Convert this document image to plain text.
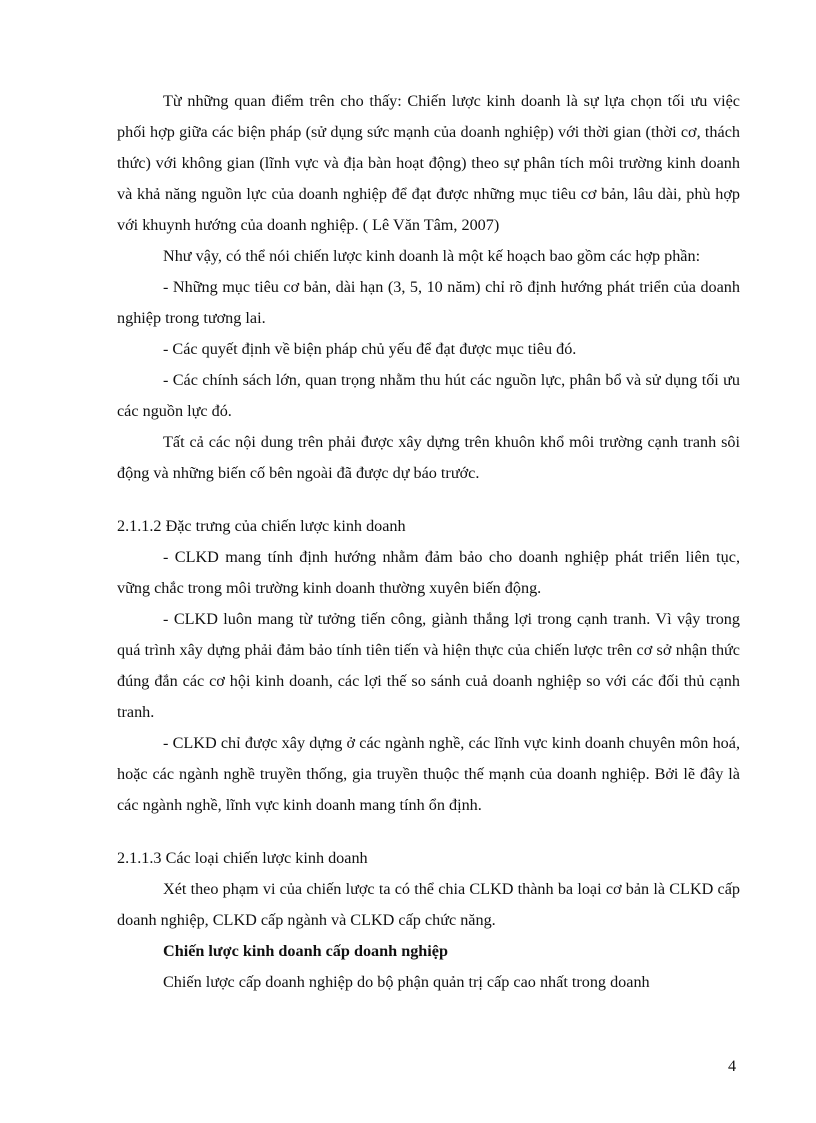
Từ những quan điểm trên cho thấy: Chiến lược kinh doanh là sự lựa chọn tối ưu việc phối hợp giữa các biện pháp (sử dụng sức mạnh của doanh nghiệp) với thời gian (thời cơ, thách thức) với không gian (lĩnh vực và địa bàn hoạt động) theo sự phân tích môi trường kinh doanh và khả năng nguồn lực của doanh nghiệp để đạt được những mục tiêu cơ bản, lâu dài, phù hợp với khuynh hướng của doanh nghiệp. ( Lê Văn Tâm, 2007)

Như vậy, có thể nói chiến lược kinh doanh là một kế hoạch bao gồm các hợp phần:

- Những mục tiêu cơ bản, dài hạn (3, 5, 10 năm) chỉ rõ định hướng phát triển của doanh nghiệp trong tương lai.

- Các quyết định về biện pháp chủ yếu để đạt được mục tiêu đó.

- Các chính sách lớn, quan trọng nhằm thu hút các nguồn lực, phân bổ và sử dụng tối ưu các nguồn lực đó.

Tất cả các nội dung trên phải được xây dựng trên khuôn khổ môi trường cạnh tranh sôi động và những biến cố bên ngoài đã được dự báo trước.

2.1.1.2 Đặc trưng của chiến lược kinh doanh

- CLKD mang tính định hướng nhằm đảm bảo cho doanh nghiệp phát triển liên tục, vững chắc trong môi trường kinh doanh thường xuyên biến động.

- CLKD luôn mang từ tưởng tiến công, giành thắng lợi trong cạnh tranh. Vì vậy trong quá trình xây dựng phải đảm bảo tính tiên tiến và hiện thực của chiến lược trên cơ sở nhận thức đúng đắn các cơ hội kinh doanh, các lợi thế so sánh cuả doanh nghiệp so với các đối thủ cạnh tranh.

- CLKD chỉ được xây dựng ở các ngành nghề, các lĩnh vực kinh doanh chuyên môn hoá, hoặc các ngành nghề truyền thống, gia truyền thuộc thế mạnh của doanh nghiệp. Bởi lẽ đây là các ngành nghề, lĩnh vực kinh doanh mang tính ổn định.

2.1.1.3 Các loại chiến lược kinh doanh

Xét theo phạm vi của chiến lược ta có thể chia CLKD thành ba loại cơ bản là CLKD cấp doanh nghiệp, CLKD cấp ngành và CLKD cấp chức năng.

Chiến lược kinh doanh cấp doanh nghiệp

Chiến lược cấp doanh nghiệp do bộ phận quản trị cấp cao nhất trong doanh

4
